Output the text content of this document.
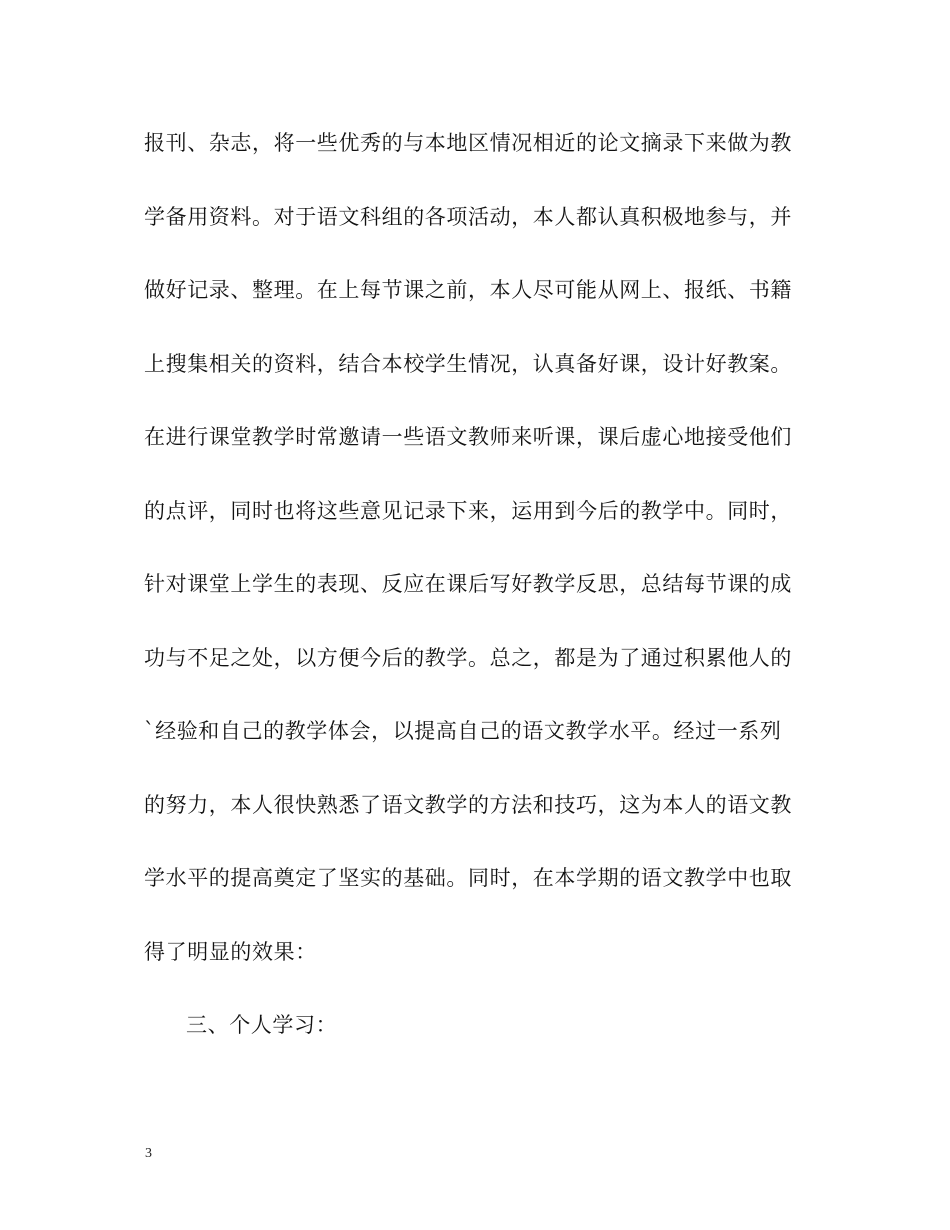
报刊、杂志，将一些优秀的与本地区情况相近的论文摘录下来做为教
学备用资料。对于语文科组的各项活动，本人都认真积极地参与，并
做好记录、整理。在上每节课之前，本人尽可能从网上、报纸、书籍
上搜集相关的资料，结合本校学生情况，认真备好课，设计好教案。
在进行课堂教学时常邀请一些语文教师来听课，课后虚心地接受他们
的点评，同时也将这些意见记录下来，运用到今后的教学中。同时，
针对课堂上学生的表现、反应在课后写好教学反思，总结每节课的成
功与不足之处，以方便今后的教学。总之，都是为了通过积累他人的
`经验和自己的教学体会，以提高自己的语文教学水平。经过一系列
的努力，本人很快熟悉了语文教学的方法和技巧，这为本人的语文教
学水平的提高奠定了坚实的基础。同时，在本学期的语文教学中也取
得了明显的效果：
三、个人学习：
3
